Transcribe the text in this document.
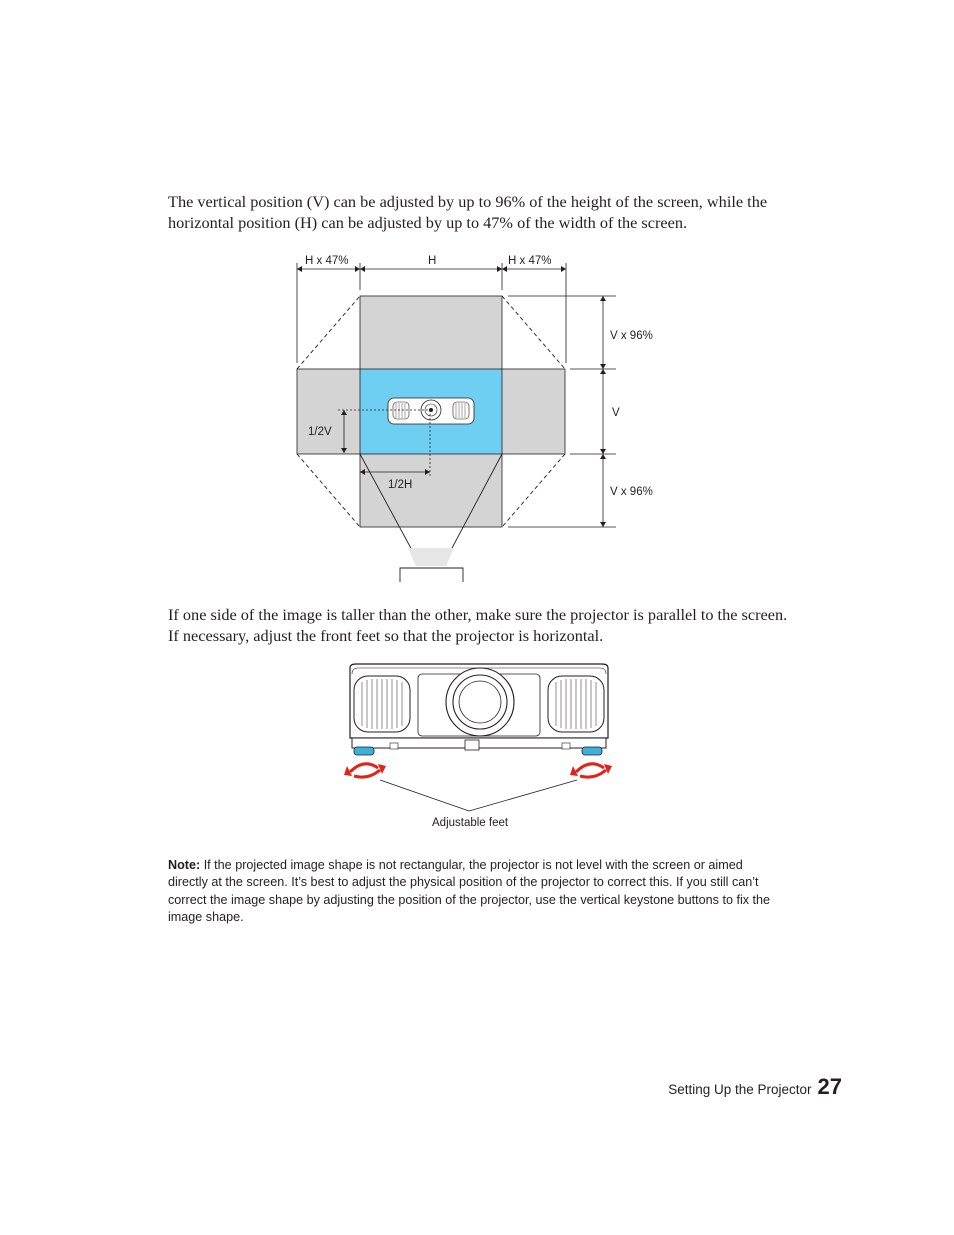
The vertical position (V) can be adjusted by up to 96% of the height of the screen, while the horizontal position (H) can be adjusted by up to 47% of the width of the screen.

H x 47%	H	H x 47%
V x 96%
V
V x 96%
1/2V
1/2H

If one side of the image is taller than the other, make sure the projector is parallel to the screen. If necessary, adjust the front feet so that the projector is horizontal.

Adjustable feet

Note: If the projected image shape is not rectangular, the projector is not level with the screen or aimed directly at the screen. It’s best to adjust the physical position of the projector to correct this. If you still can’t correct the image shape by adjusting the position of the projector, use the vertical keystone buttons to fix the image shape.

Setting Up the Projector 27
